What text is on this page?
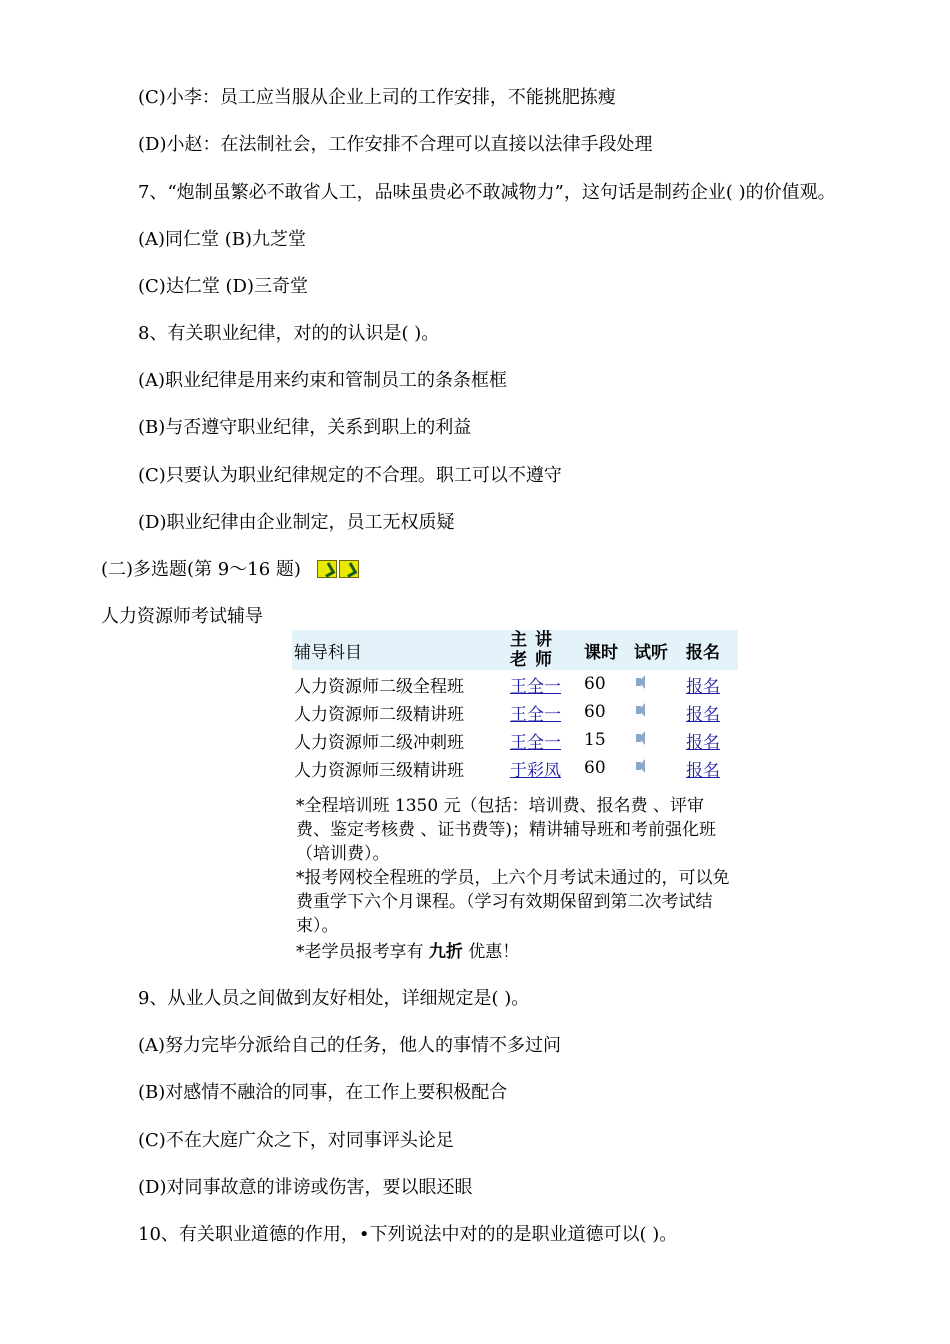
(C)小李：员工应当服从企业上司的工作安排，不能挑肥拣瘦
(D)小赵：在法制社会，工作安排不合理可以直接以法律手段处理
7、“炮制虽繁必不敢省人工，品味虽贵必不敢减物力”，这句话是制药企业( )的价值观。
(A)同仁堂 (B)九芝堂
(C)达仁堂 (D)三奇堂
8、有关职业纪律，对的的认识是( )。
(A)职业纪律是用来约束和管制员工的条条框框
(B)与否遵守职业纪律，关系到职上的利益
(C)只要认为职业纪律规定的不合理。职工可以不遵守
(D)职业纪律由企业制定，员工无权质疑
(二)多选题(第 9～16 题)
人力资源师考试辅导
辅导科目	主讲老师	课时	试听	报名
人力资源师二级全程班	王全一	60		报名
人力资源师二级精讲班	王全一	60		报名
人力资源师二级冲刺班	王全一	15		报名
人力资源师三级精讲班	于彩凤	60		报名
*全程培训班 1350 元（包括：培训费、报名费 、评审费、鉴定考核费 、证书费等)；精讲辅导班和考前强化班（培训费）。
*报考网校全程班的学员，上六个月考试未通过的，可以免费重学下六个月课程。（学习有效期保留到第二次考试结束）。
*老学员报考享有 九折 优惠！
9、从业人员之间做到友好相处，详细规定是( )。
(A)努力完毕分派给自己的任务，他人的事情不多过问
(B)对感情不融洽的同事，在工作上要积极配合
(C)不在大庭广众之下，对同事评头论足
(D)对同事故意的诽谤或伤害，要以眼还眼
10、有关职业道德的作用，•下列说法中对的的是职业道德可以( )。
